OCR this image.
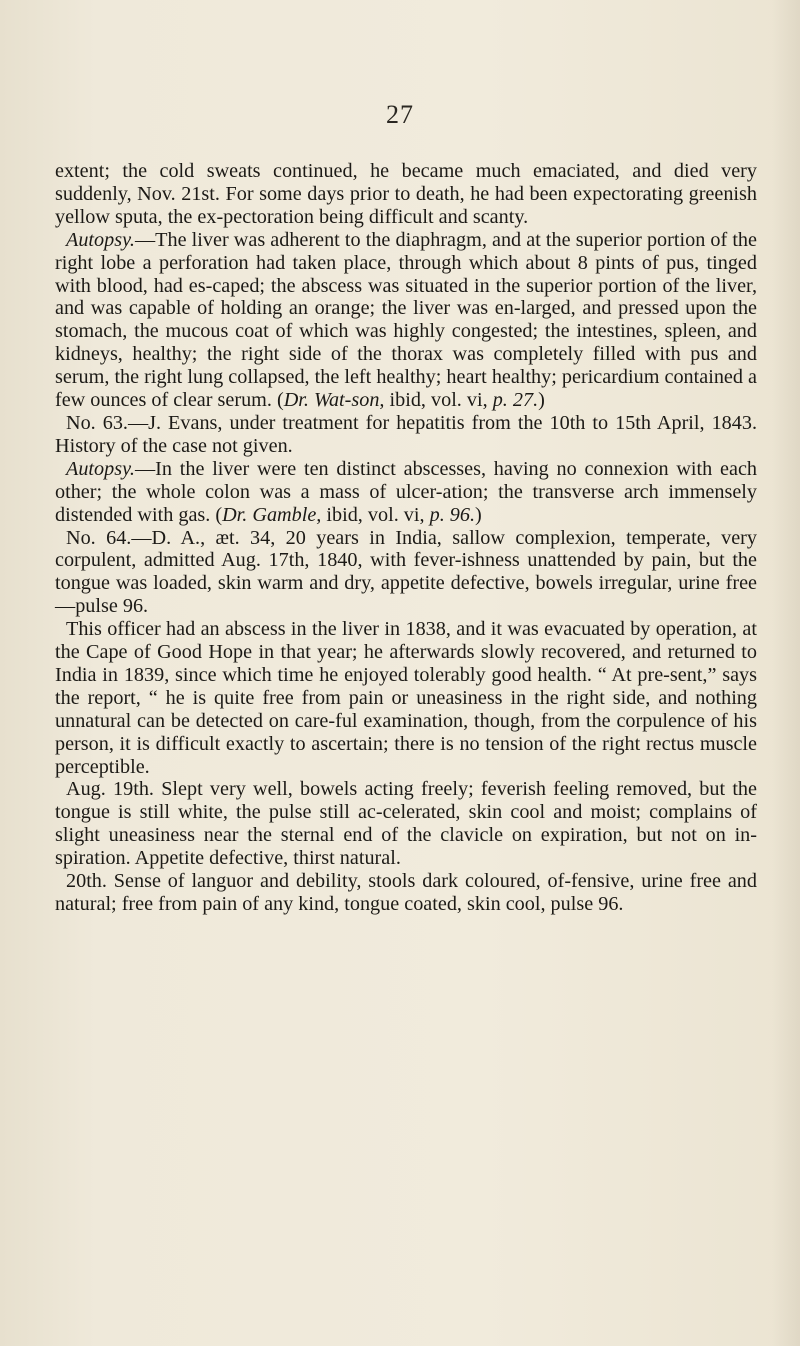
27

extent; the cold sweats continued, he became much emaciated, and died very suddenly, Nov. 21st. For some days prior to death, he had been expectorating greenish yellow sputa, the ex-pectoration being difficult and scanty.

Autopsy.—The liver was adherent to the diaphragm, and at the superior portion of the right lobe a perforation had taken place, through which about 8 pints of pus, tinged with blood, had es-caped; the abscess was situated in the superior portion of the liver, and was capable of holding an orange; the liver was en-larged, and pressed upon the stomach, the mucous coat of which was highly congested; the intestines, spleen, and kidneys, healthy; the right side of the thorax was completely filled with pus and serum, the right lung collapsed, the left healthy; heart healthy; pericardium contained a few ounces of clear serum. (Dr. Wat-son, ibid, vol. vi, p. 27.)

No. 63.—J. Evans, under treatment for hepatitis from the 10th to 15th April, 1843. History of the case not given.

Autopsy.—In the liver were ten distinct abscesses, having no connexion with each other; the whole colon was a mass of ulcer-ation; the transverse arch immensely distended with gas. (Dr. Gamble, ibid, vol. vi, p. 96.)

No. 64.—D. A., æt. 34, 20 years in India, sallow complexion, temperate, very corpulent, admitted Aug. 17th, 1840, with fever-ishness unattended by pain, but the tongue was loaded, skin warm and dry, appetite defective, bowels irregular, urine free—pulse 96.

This officer had an abscess in the liver in 1838, and it was evacuated by operation, at the Cape of Good Hope in that year; he afterwards slowly recovered, and returned to India in 1839, since which time he enjoyed tolerably good health. “ At pre-sent,” says the report, “ he is quite free from pain or uneasiness in the right side, and nothing unnatural can be detected on care-ful examination, though, from the corpulence of his person, it is difficult exactly to ascertain; there is no tension of the right rectus muscle perceptible.

Aug. 19th. Slept very well, bowels acting freely; feverish feeling removed, but the tongue is still white, the pulse still ac-celerated, skin cool and moist; complains of slight uneasiness near the sternal end of the clavicle on expiration, but not on in-spiration. Appetite defective, thirst natural.

20th. Sense of languor and debility, stools dark coloured, of-fensive, urine free and natural; free from pain of any kind, tongue coated, skin cool, pulse 96.
